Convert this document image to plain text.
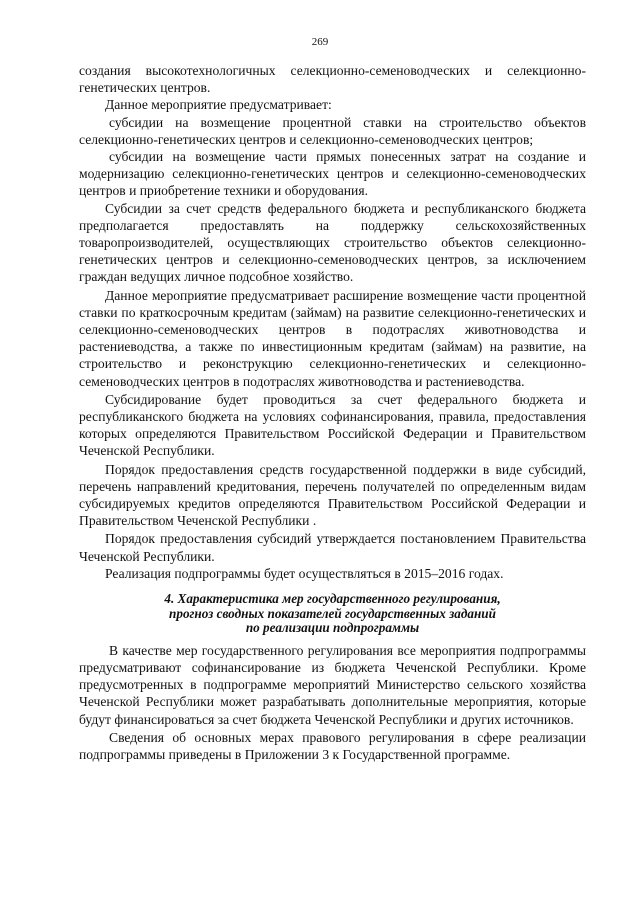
269

создания высокотехнологичных селекционно-семеноводческих и селекционно-генетических центров.

Данное мероприятие предусматривает:

субсидии на возмещение процентной ставки на строительство объектов селекционно-генетических центров и селекционно-семеноводческих центров;

субсидии на возмещение части прямых понесенных затрат на создание и модернизацию селекционно-генетических центров и селекционно-семеноводческих центров и приобретение техники и оборудования.

Субсидии за счет средств федерального бюджета и республиканского бюджета предполагается предоставлять на поддержку сельскохозяйственных товаропроизводителей, осуществляющих строительство объектов селекционно-генетических центров и селекционно-семеноводческих центров, за исключением граждан ведущих личное подсобное хозяйство.

Данное мероприятие предусматривает расширение возмещение части процентной ставки по краткосрочным кредитам (займам) на развитие селекционно-генетических и селекционно-семеноводческих центров в подотраслях животноводства и растениеводства, а также по инвестиционным кредитам (займам) на развитие, на строительство и реконструкцию селекционно-генетических и селекционно-семеноводческих центров в подотраслях животноводства и растениеводства.

Субсидирование будет проводиться за счет федерального бюджета и республиканского бюджета на условиях софинансирования, правила, предоставления которых определяются Правительством Российской Федерации и Правительством Чеченской Республики.

Порядок предоставления средств государственной поддержки в виде субсидий, перечень направлений кредитования, перечень получателей по определенным видам субсидируемых кредитов определяются Правительством Российской Федерации и Правительством Чеченской Республики .

Порядок предоставления субсидий утверждается постановлением Правительства Чеченской Республики.

Реализация подпрограммы будет осуществляться в 2015–2016 годах.

4. Характеристика мер государственного регулирования,
прогноз сводных показателей государственных заданий
по реализации подпрограммы

В качестве мер государственного регулирования все мероприятия подпрограммы предусматривают софинансирование из бюджета Чеченской Республики. Кроме предусмотренных в подпрограмме мероприятий Министерство сельского хозяйства Чеченской Республики может разрабатывать дополнительные мероприятия, которые будут финансироваться за счет бюджета Чеченской Республики и других источников.

Сведения об основных мерах правового регулирования в сфере реализации подпрограммы приведены в Приложении 3 к Государственной программе.
